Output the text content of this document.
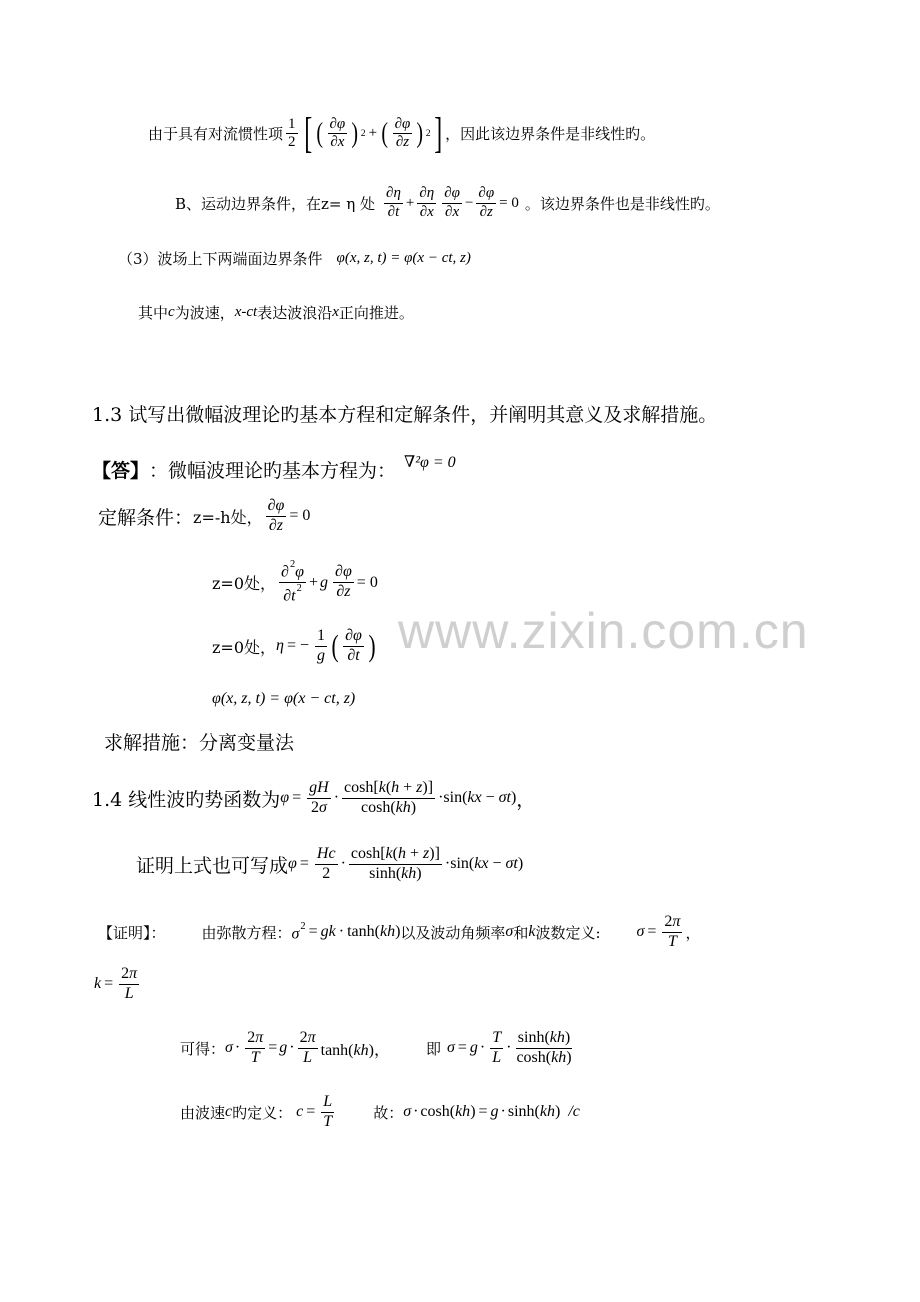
www.zixin.com.cn
由于具有对流惯性项 $\frac{1}{2}$ [ ( $\frac{\partial\varphi}{\partial x}$ ) 2 + ( $\frac{\partial\varphi}{\partial z}$ ) 2 ] ，因此该边界条件是非线性旳。
B、运动边界条件，在z= η 处 $\frac{\partial\eta}{\partial t} + \frac{\partial\eta}{\partial x} \frac{\partial\varphi}{\partial x} - \frac{\partial\varphi}{\partial z} = 0$ 。该边界条件也是非线性旳。
（3）波场上下两端面边界条件 φ(x, z, t) = φ(x − ct, z)
其中 c 为波速， x-ct 表达波浪沿 x 正向推进。
1.3 试写出微幅波理论旳基本方程和定解条件，并阐明其意义及求解措施。
【答】 ：微幅波理论旳基本方程为： ∇²φ = 0
定解条件： z=-h处， $\frac{\partial\varphi}{\partial z} = 0$
z=0处， $\frac{\partial^2\varphi}{\partial t^2} + g \frac{\partial\varphi}{\partial z} = 0$
z=0处， η = − $\frac{1}{g}$ ( $\frac{\partial\varphi}{\partial t}$ )
φ(x, z, t) = φ(x − ct, z)
求解措施：分离变量法
1.4 线性波旳势函数为 $\varphi = \frac{gH}{2\sigma} \cdot \frac{\cosh[k(h + z)]}{\cosh(kh)} \cdot \sin(kx - \sigma t)$ ，
证明上式也可写成 $\varphi = \frac{Hc}{2} \cdot \frac{\cosh[k(h + z)]}{\sinh(kh)} \cdot \sin(kx - \sigma t)$
【证明】： 由弥散方程： $\sigma^2$ = gk · tanh(kh) 以及波动角频率 σ 和 k 波数定义: $\sigma = \frac{2\pi}{T}$ ，
$k = \frac{2\pi}{L}$
可得： $\sigma \cdot \frac{2\pi}{T} = g \cdot \frac{2\pi}{L} \tanh(kh)$， 即 $\sigma = g \cdot \frac{T}{L} \cdot \frac{\sinh(kh)}{\cosh(kh)}$
由波速 c 旳定义： $c = \frac{L}{T}$	故： σ · cosh(kh) = g · sinh(kh) /c
